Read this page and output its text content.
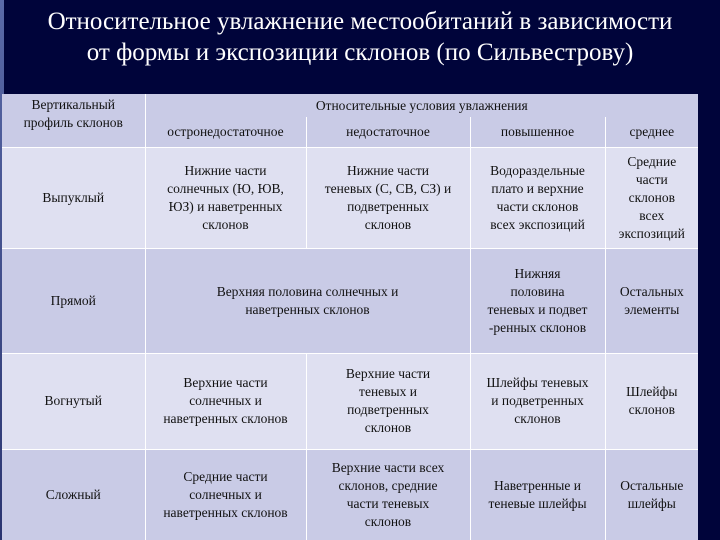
Относительное увлажнение местообитаний в зависимости
от формы и экспозиции склонов (по Сильвестрову)
Вертикальный
профиль склонов	Относительные условия увлажнения			
	остронедостаточное	недостаточное	повышенное	среднее
Выпуклый	Нижние части
солнечных (Ю, ЮВ,
ЮЗ) и наветренных
склонов	Нижние части
теневых (С, СВ, СЗ) и
подветренных
склонов	Водораздельные
плато и верхние
части склонов
всех экспозиций	Средние
части
склонов
всех
экспозиций

Прямой	Верхняя половина солнечных и
наветренных склонов		Нижняя
половина
теневых и подвет
-ренных склонов	Остальных
элементы

Вогнутый	Верхние части
солнечных и
наветренных склонов	Верхние части
теневых и
подветренных
склонов	Шлейфы теневых
и подветренных
склонов	Шлейфы
склонов

Сложный	Средние части
солнечных и
наветренных склонов	Верхние части всех
склонов, средние
части теневых
склонов	Наветренные и
теневые шлейфы	Остальные
шлейфы
